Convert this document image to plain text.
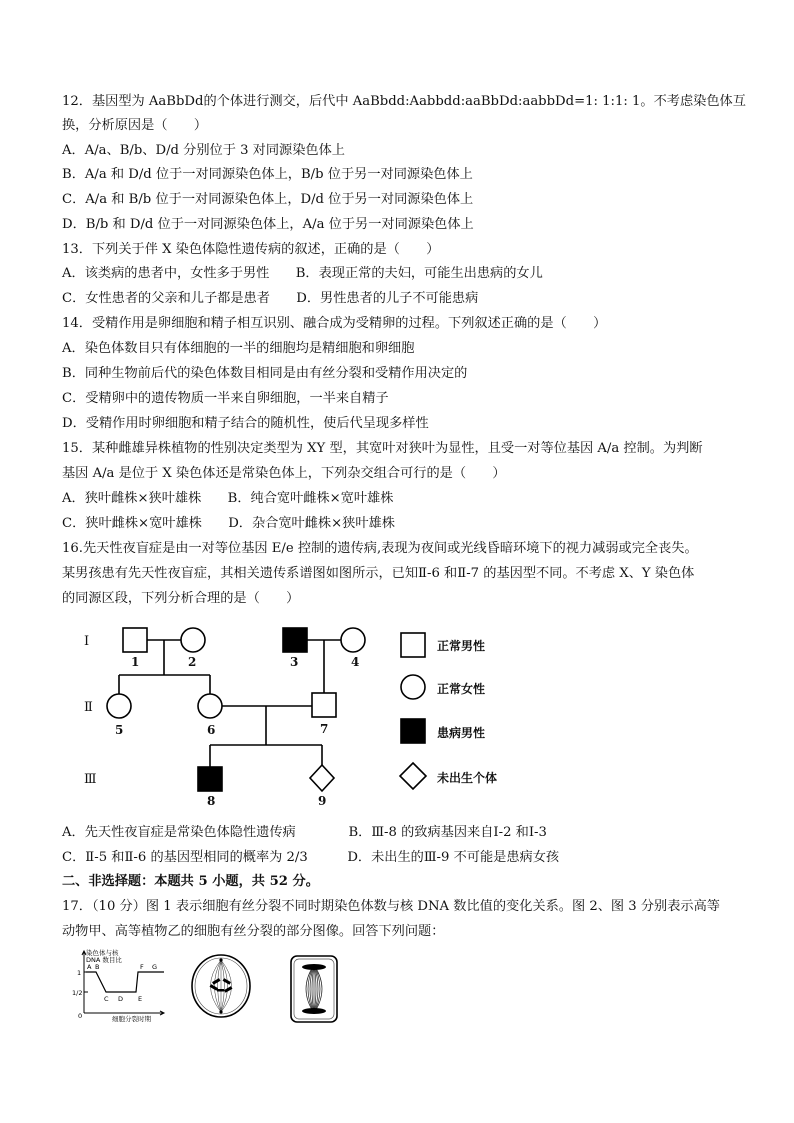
12．基因型为 AaBbDd的个体进行测交，后代中 AaBbdd:Aabbdd:aaBbDd:aabbDd=1: 1:1: 1。不考虑染色体互
换，分析原因是（　　）
A．A/a、B/b、D/d 分别位于 3 对同源染色体上
B．A/a 和 D/d 位于一对同源染色体上，B/b 位于另一对同源染色体上
C．A/a 和 B/b 位于一对同源染色体上，D/d 位于另一对同源染色体上
D．B/b 和 D/d 位于一对同源染色体上，A/a 位于另一对同源染色体上
13．下列关于伴 X 染色体隐性遗传病的叙述，正确的是（　　）
A．该类病的患者中，女性多于男性　　B．表现正常的夫妇，可能生出患病的女儿
C．女性患者的父亲和儿子都是患者　　D．男性患者的儿子不可能患病
14．受精作用是卵细胞和精子相互识别、融合成为受精卵的过程。下列叙述正确的是（　　）
A．染色体数目只有体细胞的一半的细胞均是精细胞和卵细胞
B．同种生物前后代的染色体数目相同是由有丝分裂和受精作用决定的
C．受精卵中的遗传物质一半来自卵细胞，一半来自精子
D．受精作用时卵细胞和精子结合的随机性，使后代呈现多样性
15．某种雌雄异株植物的性别决定类型为 XY 型，其宽叶对狭叶为显性，且受一对等位基因 A/a 控制。为判断
基因 A/a 是位于 X 染色体还是常染色体上，下列杂交组合可行的是（　　）
A．狭叶雌株×狭叶雄株　　B．纯合宽叶雌株×宽叶雄株
C．狭叶雌株×宽叶雄株　　D．杂合宽叶雌株×狭叶雄株
16.先天性夜盲症是由一对等位基因 E/e 控制的遗传病,表现为夜间或光线昏暗环境下的视力减弱或完全丧失。
某男孩患有先天性夜盲症，其相关遗传系谱图如图所示，已知Ⅱ-6 和Ⅱ-7 的基因型不同。不考虑 X、Y 染色体
的同源区段，下列分析合理的是（　　）
Ⅰ
Ⅱ
Ⅲ
1	2	3	4
5	6	7
8	9
正常男性
正常女性
患病男性
未出生个体
A．先天性夜盲症是常染色体隐性遗传病　　　　B．Ⅲ-8 的致病基因来自Ⅰ-2 和Ⅰ-3
C．Ⅱ-5 和Ⅱ-6 的基因型相同的概率为 2/3　　　D．未出生的Ⅲ-9 不可能是患病女孩
二、非选择题：本题共 5 小题，共 52 分。
17．（10 分）图 1 表示细胞有丝分裂不同时期染色体数与核 DNA 数比值的变化关系。图 2、图 3 分别表示高等
动物甲、高等植物乙的细胞有丝分裂的部分图像。回答下列问题：
染色体与核
DNA 数目比
1
1/2
0	细胞分裂时期
A B
C D E
F G
